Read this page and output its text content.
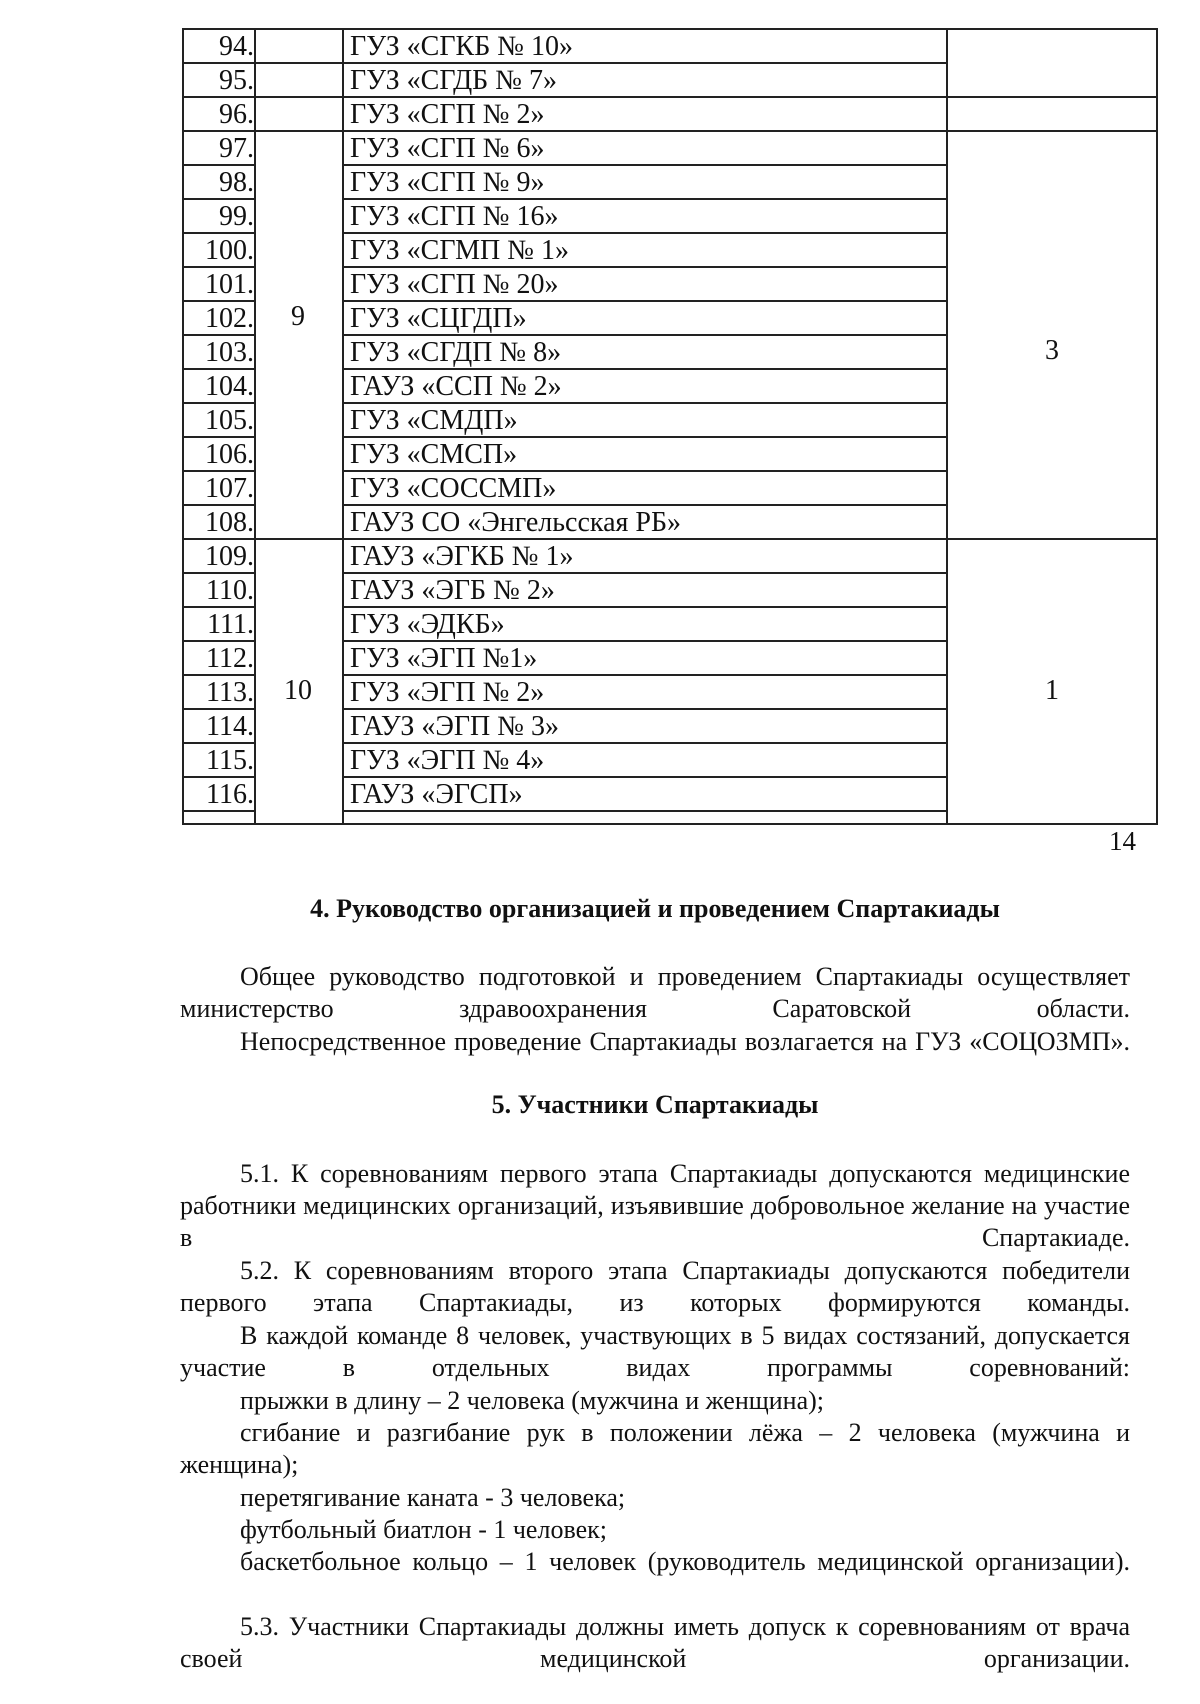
94.
95.
96.
97.
98.
99.
100.
101.
102.
103.
104.
105.
106.
107.
108.
109.
110.
111.
112.
113.
114.
115.
116.
ГУЗ «СГКБ № 10»
ГУЗ «СГДБ № 7»
ГУЗ «СГП № 2»
ГУЗ «СГП № 6»
ГУЗ «СГП № 9»
ГУЗ «СГП № 16»
ГУЗ «СГМП № 1»
ГУЗ «СГП № 20»
ГУЗ «СЦГДП»
ГУЗ «СГДП № 8»
ГАУЗ «ССП № 2»
ГУЗ «СМДП»
ГУЗ «СМСП»
ГУЗ «СОССМП»
ГАУЗ СО «Энгельсская РБ»
ГАУЗ «ЭГКБ № 1»
ГАУЗ «ЭГБ № 2»
ГУЗ «ЭДКБ»
ГУЗ «ЭГП №1»
ГУЗ «ЭГП № 2»
ГАУЗ «ЭГП № 3»
ГУЗ «ЭГП № 4»
ГАУЗ «ЭГСП»
9
10
3
1
14
4. Руководство организацией и проведением Спартакиады
Общее руководство подготовкой и проведением Спартакиады осуществляет министерство здравоохранения Саратовской области.
Непосредственное проведение Спартакиады возлагается на ГУЗ «СОЦОЗМП».
5. Участники Спартакиады
5.1. К соревнованиям первого этапа Спартакиады допускаются медицинские работники медицинских организаций, изъявившие добровольное желание на участие в Спартакиаде.
5.2. К соревнованиям второго этапа Спартакиады допускаются победители первого этапа Спартакиады, из которых формируются команды.
В каждой команде 8 человек, участвующих в 5 видах состязаний, допускается участие в отдельных видах программы соревнований:
прыжки в длину – 2 человека (мужчина и женщина);
сгибание и разгибание рук в положении лёжа – 2 человека (мужчина и женщина);
перетягивание каната - 3 человека;
футбольный биатлон - 1 человек;
баскетбольное кольцо – 1 человек (руководитель медицинской организации).
5.3. Участники Спартакиады должны иметь допуск к соревнованиям от врача своей медицинской организации.
